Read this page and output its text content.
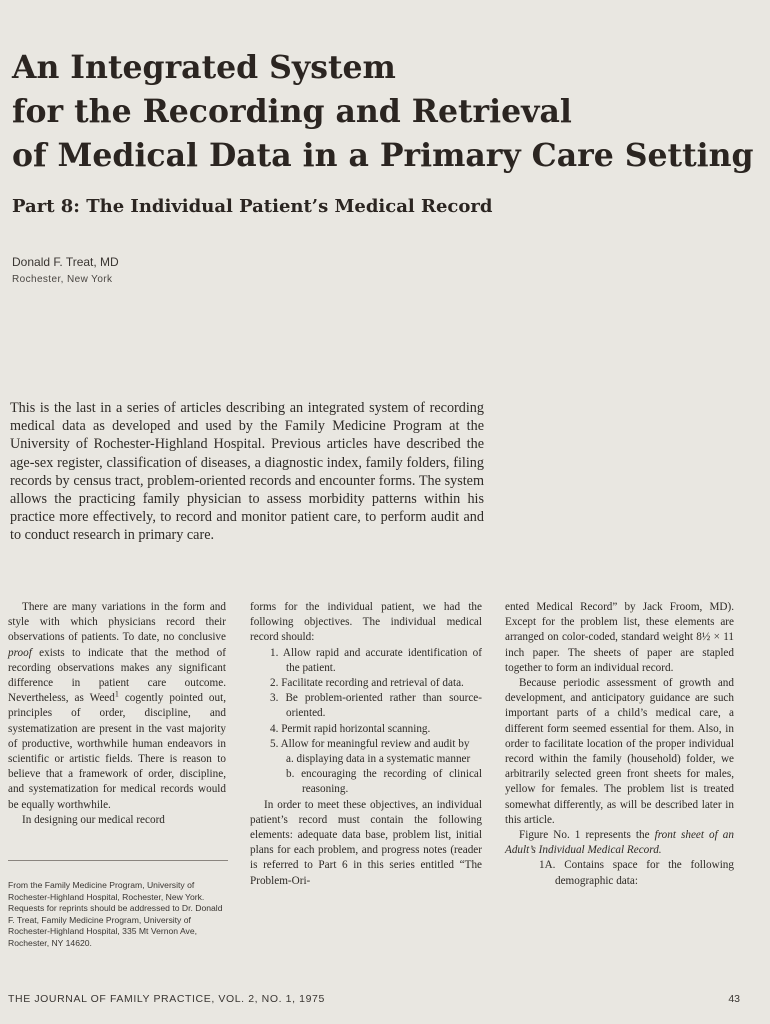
An Integrated System
for the Recording and Retrieval
of Medical Data in a Primary Care Setting
Part 8: The Individual Patient’s Medical Record
Donald F. Treat, MD
Rochester, New York
This is the last in a series of articles describing an integrated system of recording medical data as developed and used by the Family Medicine Program at the University of Rochester-Highland Hospital. Previous articles have described the age-sex register, classification of diseases, a diagnostic index, family folders, filing records by census tract, problem-oriented records and encounter forms. The system allows the practicing family physician to assess morbidity patterns within his practice more effectively, to record and monitor patient care, to perform audit and to conduct research in primary care.

There are many variations in the form and style with which physicians record their observations of patients. To date, no conclusive proof exists to indicate that the method of recording observations makes any significant difference in patient care outcome. Nevertheless, as Weed$^1$ cogently pointed out, principles of order, discipline, and systematization are present in the vast majority of productive, worthwhile human endeavors in scientific or artistic fields. There is reason to believe that a framework of order, discipline, and systematization for medical records would be equally worthwhile.

In designing our medical record

From the Family Medicine Program, University of Rochester-Highland Hospital, Rochester, New York. Requests for reprints should be addressed to Dr. Donald F. Treat, Family Medicine Program, University of Rochester-Highland Hospital, 335 Mt Vernon Ave, Rochester, NY 14620.

forms for the individual patient, we had the following objectives. The individual medical record should:

1. Allow rapid and accurate identification of the patient.
2. Facilitate recording and retrieval of data.
3. Be problem-oriented rather than source-oriented.
4. Permit rapid horizontal scanning.
5. Allow for meaningful review and audit by
a. displaying data in a systematic manner
b. encouraging the recording of clinical reasoning.

In order to meet these objectives, an individual patient’s record must contain the following elements: adequate data base, problem list, initial plans for each problem, and progress notes (reader is referred to Part 6 in this series entitled “The Problem-Ori-

ented Medical Record” by Jack Froom, MD). Except for the problem list, these elements are arranged on color-coded, standard weight 8½ × 11 inch paper. The sheets of paper are stapled together to form an individual record.

Because periodic assessment of growth and development, and anticipatory guidance are such important parts of a child’s medical care, a different form seemed essential for them. Also, in order to facilitate location of the proper individual record within the family (household) folder, we arbitrarily selected green front sheets for males, yellow for females. The problem list is treated somewhat differently, as will be described later in this article.

Figure No. 1 represents the front sheet of an Adult’s Individual Medical Record.

1A. Contains space for the following demographic data:

THE JOURNAL OF FAMILY PRACTICE, VOL. 2, NO. 1, 1975	43
